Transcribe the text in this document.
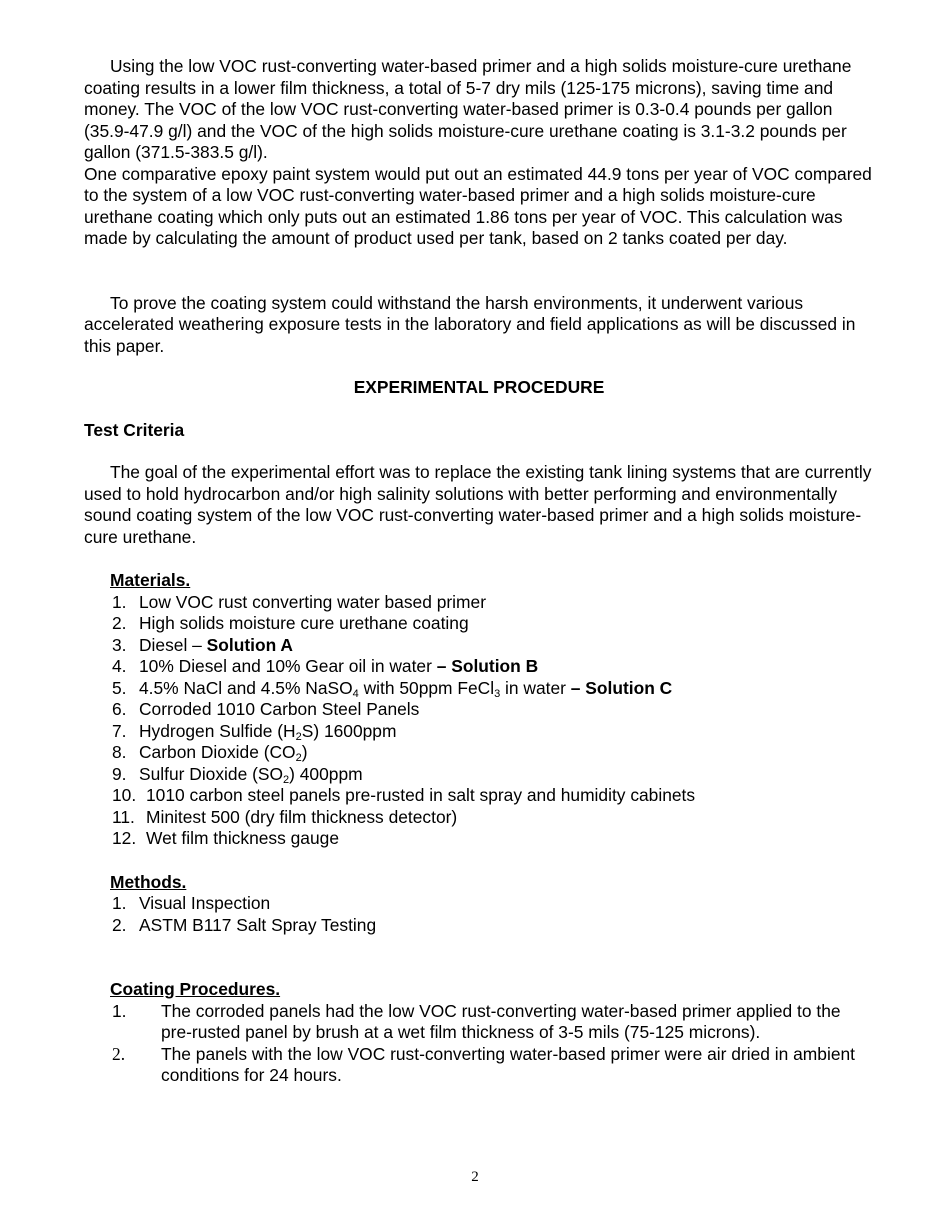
Using the low VOC rust-converting water-based primer and a high solids moisture-cure urethane coating results in a lower film thickness, a total of 5-7 dry mils (125-175 microns), saving time and money. The VOC of the low VOC rust-converting water-based primer is 0.3-0.4 pounds per gallon (35.9-47.9 g/l) and the VOC of the high solids moisture-cure urethane coating is 3.1-3.2 pounds per gallon (371.5-383.5 g/l).

One comparative epoxy paint system would put out an estimated 44.9 tons per year of VOC compared to the system of a low VOC rust-converting water-based primer and a high solids moisture-cure urethane coating which only puts out an estimated 1.86 tons per year of VOC. This calculation was made by calculating the amount of product used per tank, based on 2 tanks coated per day.

To prove the coating system could withstand the harsh environments, it underwent various accelerated weathering exposure tests in the laboratory and field applications as will be discussed in this paper.

EXPERIMENTAL PROCEDURE

Test Criteria

The goal of the experimental effort was to replace the existing tank lining systems that are currently used to hold hydrocarbon and/or high salinity solutions with better performing and environmentally sound coating system of the low VOC rust-converting water-based primer and a high solids moisture-cure urethane.

Materials.

1. Low VOC rust converting water based primer
2. High solids moisture cure urethane coating
3. Diesel – Solution A
4. 10% Diesel and 10% Gear oil in water – Solution B
5. 4.5% NaCl and 4.5% NaSO$_4$ with 50ppm FeCl$_3$ in water – Solution C
6. Corroded 1010 Carbon Steel Panels
7. Hydrogen Sulfide $(H_2S)$ 1600ppm
8. Carbon Dioxide $(CO_2)$
9. Sulfur Dioxide $(SO_2)$ 400ppm
10. 1010 carbon steel panels pre-rusted in salt spray and humidity cabinets
11. Minitest 500 (dry film thickness detector)
12. Wet film thickness gauge

Methods.

1. Visual Inspection
2. ASTM B117 Salt Spray Testing

Coating Procedures.

1.	The corroded panels had the low VOC rust-converting water-based primer applied to the pre-rusted panel by brush at a wet film thickness of 3-5 mils (75-125 microns).
2.	The panels with the low VOC rust-converting water-based primer were air dried in ambient conditions for 24 hours.
2
